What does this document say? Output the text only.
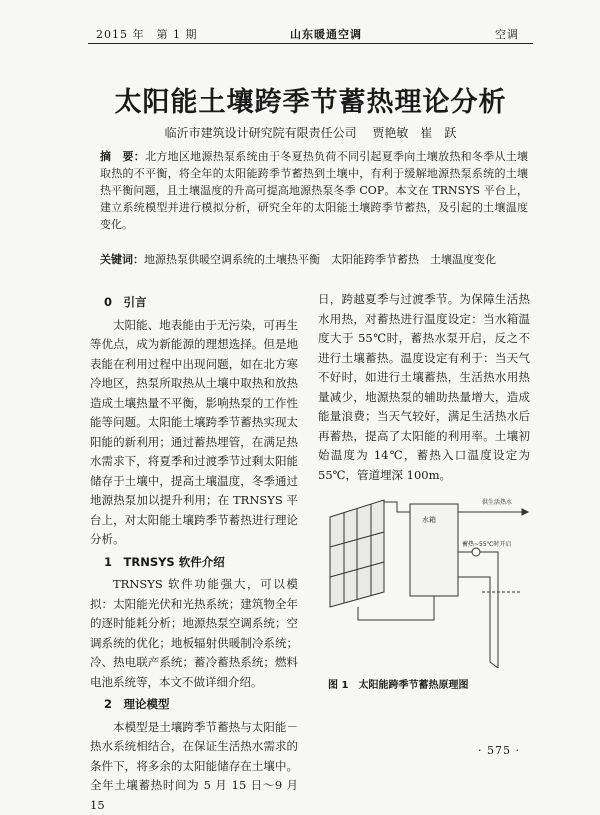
2015 年　第 1 期	山东暖通空调	空调
太阳能土壤跨季节蓄热理论分析
临沂市建筑设计研究院有限责任公司 贾艳敏　崔　跃
摘　要：北方地区地源热泵系统由于冬夏热负荷不同引起夏季向土壤放热和冬季从土壤取热的不平衡，将全年的太阳能跨季节蓄热到土壤中，有利于缓解地源热泵系统的土壤热平衡问题，且土壤温度的升高可提高地源热泵冬季 COP。本文在 TRNSYS 平台上，建立系统模型并进行模拟分析，研究全年的太阳能土壤跨季节蓄热，及引起的土壤温度变化。
关键词：地源热泵供暖空调系统的土壤热平衡　太阳能跨季节蓄热　土壤温度变化

0　引言

太阳能、地表能由于无污染，可再生等优点，成为新能源的理想选择。但是地表能在利用过程中出现问题，如在北方寒冷地区，热泵所取热从土壤中取热和放热造成土壤热量不平衡，影响热泵的工作性能等问题。太阳能土壤跨季节蓄热实现太阳能的新利用；通过蓄热埋管，在满足热水需求下，将夏季和过渡季节过剩太阳能储存于土壤中，提高土壤温度，冬季通过地源热泵加以提升利用；在 TRNSYS 平台上，对太阳能土壤跨季节蓄热进行理论分析。

1　TRNSYS 软件介绍

TRNSYS 软件功能强大，可以模拟：太阳能光伏和光热系统；建筑物全年的逐时能耗分析；地源热泵空调系统；空调系统的优化；地板辐射供暖制冷系统；冷、热电联产系统；蓄冷蓄热系统；燃料电池系统等，本文不做详细介绍。

2　理论模型

本模型是土壤跨季节蓄热与太阳能－热水系统相结合，在保证生活热水需求的条件下，将多余的太阳能储存在土壤中。全年土壤蓄热时间为 5 月 15 日～9 月 15

日，跨越夏季与过渡季节。为保障生活热水用热，对蓄热进行温度设定：当水箱温度大于 55℃时，蓄热水泵开启，反之不进行土壤蓄热。温度设定有利于：当天气不好时，如进行土壤蓄热，生活热水用热量减少，地源热泵的辅助热量增大，造成能量浪费；当天气较好，满足生活热水后再蓄热，提高了太阳能的利用率。土壤初始温度为 14℃，蓄热入口温度设定为 55℃，管道埋深 100m。

供生活热水
水箱
蓄热~55℃时开启
图 1 太阳能跨季节蓄热原理图
· 575 ·
